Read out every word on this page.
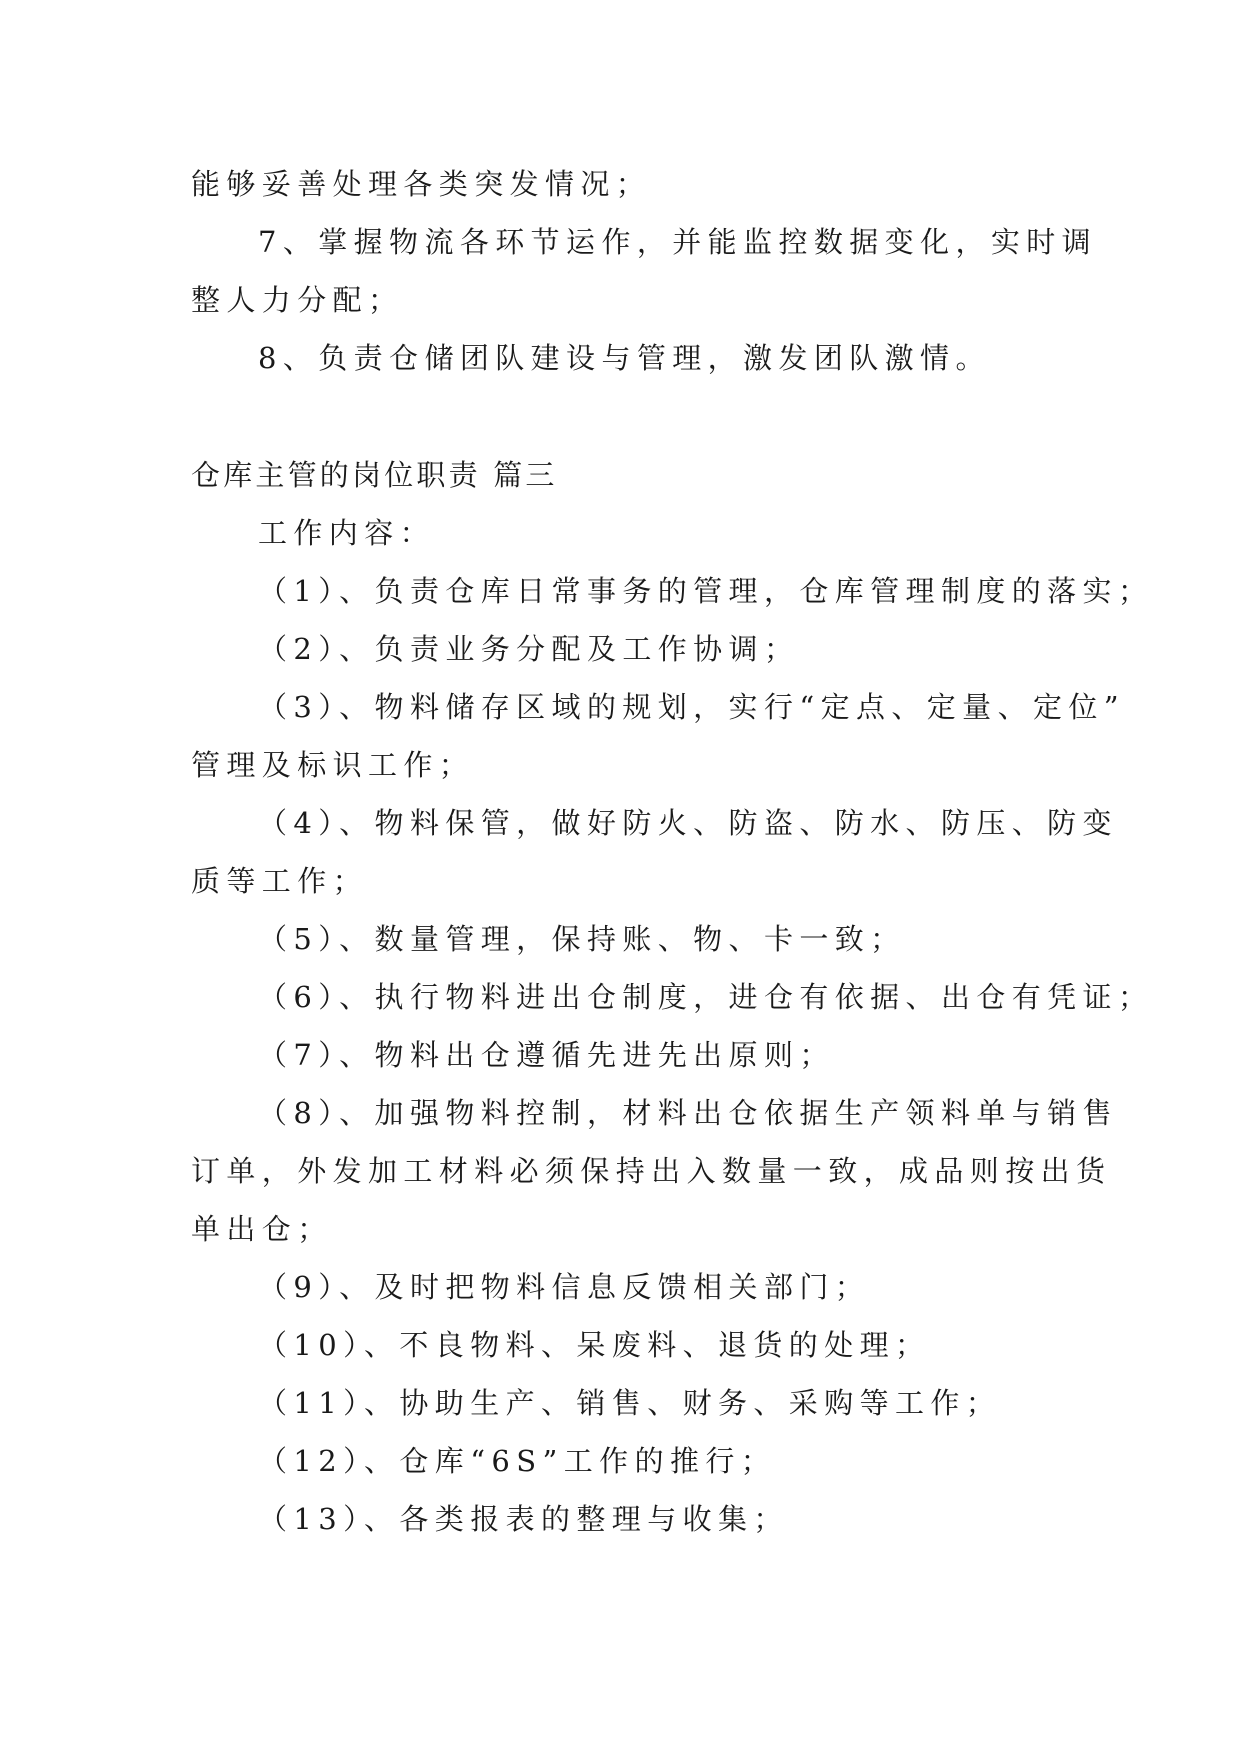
能够妥善处理各类突发情况；

7、掌握物流各环节运作，并能监控数据变化，实时调

整人力分配；

8、负责仓储团队建设与管理，激发团队激情。

仓库主管的岗位职责 篇三

工作内容：

（1）、负责仓库日常事务的管理，仓库管理制度的落实；

（2）、负责业务分配及工作协调；

（3）、物料储存区域的规划，实行“定点、定量、定位”

管理及标识工作；

（4）、物料保管，做好防火、防盗、防水、防压、防变

质等工作；

（5）、数量管理，保持账、物、卡一致；

（6）、执行物料进出仓制度，进仓有依据、出仓有凭证；

（7）、物料出仓遵循先进先出原则；

（8）、加强物料控制，材料出仓依据生产领料单与销售

订单，外发加工材料必须保持出入数量一致，成品则按出货

单出仓；

（9）、及时把物料信息反馈相关部门；

（10）、不良物料、呆废料、退货的处理；

（11）、协助生产、销售、财务、采购等工作；

（12）、仓库“6S”工作的推行；

（13）、各类报表的整理与收集；
